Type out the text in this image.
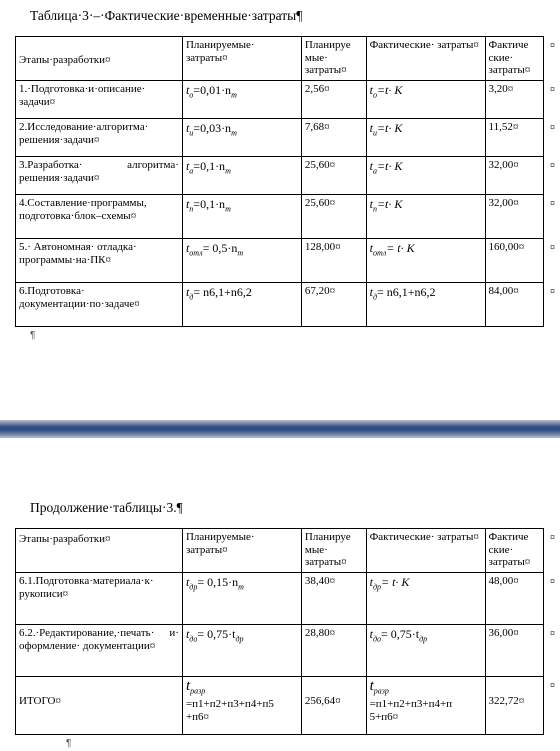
Таблица·3·–·Фактические·временные·затраты¶
Этапы·разработки¤	Планируемые· затраты¤	Планируе мые· затраты¤	Фактические· затраты¤	Фактиче ские· затраты¤
¤

1.·Подготовка·и·описание· задачи¤	$t_o=0,01\cdot n_m$	2,56¤	$t_o=t\cdot K$	3,20¤ ¤

2.Исследование·алгоритма· решения·задачи¤	$t_u=0,03\cdot n_m$	7,68¤	$t_u=t\cdot K$	11,52¤ ¤

3.Разработка· алгоритма· решения·задачи¤	$t_a=0,1\cdot n_m$	25,60¤	$t_a=t\cdot K$	32,00¤ ¤

4.Составление·программы, подготовка·блок–схемы¤	$t_n=0,1\cdot n_m$	25,60¤	$t_n=t\cdot K$	32,00¤ ¤

5.· Автономная· отладка· программы·на·ПК¤	$t_{отл}= 0,5\cdot n_m$	128,00¤	$t_{отл}= t\cdot K$	160,00¤ ¤

6.Подготовка· документации·по·задаче¤	$t_д= n6,1+n6,2$	67,20¤	$t_д= n6,1+n6,2$	84,00¤ ¤
¶
Продолжение·таблицы·3.¶
Этапы·разработки¤	Планируемые· затраты¤	Планируе мые· затраты¤	Фактические· затраты¤	Фактиче ские· затраты¤
¤

6.1.Подготовка·материала·к· рукописи¤	$t_{др}= 0,15\cdot n_m$	38,40¤	$t_{др}= t\cdot K$	48,00¤ ¤

6.2.·Редактирование,·печать· и· оформление· документации¤	$t_{до}= 0,75\cdot t_{др}$	28,80¤	$t_{до}= 0,75\cdot t_{др}$	36,00¤ ¤

ИТОГО¤	$t_{разр}$
=п1+п2+п3+п4+п5 +п6¤	256,64¤	$t_{разр}$
=п1+п2+п3+п4+п 5+п6¤	322,72¤
¤
¶
